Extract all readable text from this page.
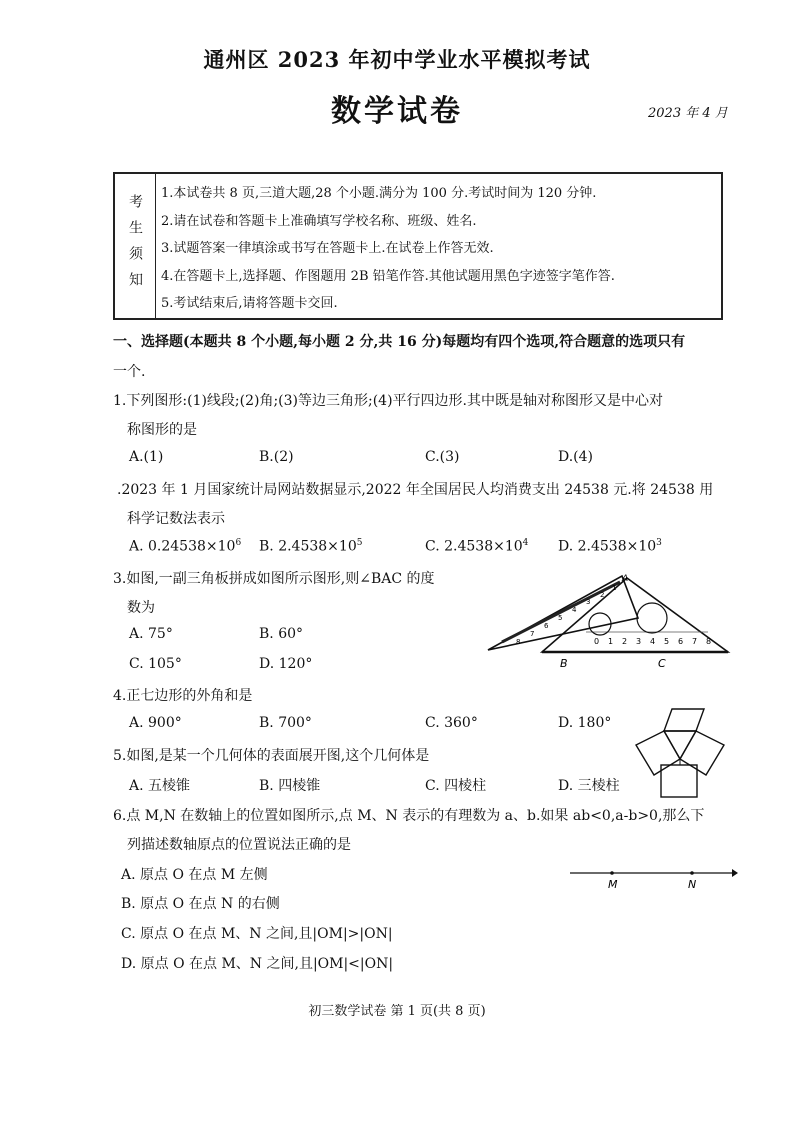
通州区 2023 年初中学业水平模拟考试
数学试卷	2023 年 4 月
考生须知
1.本试卷共 8 页,三道大题,28 个小题.满分为 100 分.考试时间为 120 分钟.
2.请在试卷和答题卡上准确填写学校名称、班级、姓名.
3.试题答案一律填涂或书写在答题卡上.在试卷上作答无效.
4.在答题卡上,选择题、作图题用 2B 铅笔作答.其他试题用黑色字迹签字笔作答.
5.考试结束后,请将答题卡交回.
一、选择题(本题共 8 个小题,每小题 2 分,共 16 分)每题均有四个选项,符合题意的选项只有
一个.
1.下列图形:(1)线段;(2)角;(3)等边三角形;(4)平行四边形.其中既是轴对称图形又是中心对
称图形的是
A.(1)	B.(2)	C.(3)	D.(4)
.2023 年 1 月国家统计局网站数据显示,2022 年全国居民人均消费支出 24538 元.将 24538 用
科学记数法表示
A. $0.24538\times 10^6$ B. $2.4538\times 10^5$	C. $2.4538\times 10^4$ D. $2.4538\times 10^3$
3.如图,一副三角板拼成如图所示图形,则∠BAC 的度
数为
A. 75°	B. 60°
C. 105°	D. 120°
0 1 2 3 4 5 6 7 8
8
7
6
5
4
3
2
1
A
B	C
4.正七边形的外角和是
A. 900°	B. 700°	C. 360°	D. 180°
5.如图,是某一个几何体的表面展开图,这个几何体是
A. 五棱锥	B. 四棱锥	C. 四棱柱	D. 三棱柱
6.点 M,N 在数轴上的位置如图所示,点 M、N 表示的有理数为 a、b.如果 ab<0,a-b>0,那么下
列描述数轴原点的位置说法正确的是
A. 原点 O 在点 M 左侧
B. 原点 O 在点 N 的右侧
C. 原点 O 在点 M、N 之间,且|OM|>|ON|
D. 原点 O 在点 M、N 之间,且|OM|<|ON|
M	N
初三数学试卷 第 1 页(共 8 页)
